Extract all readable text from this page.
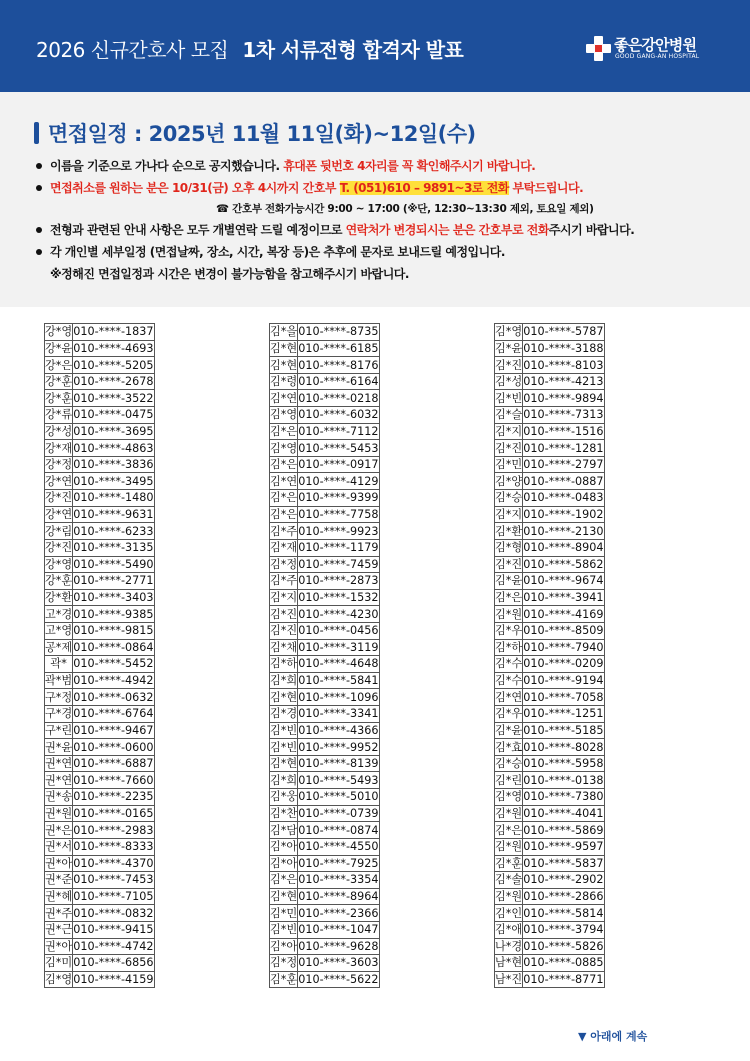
2026 신규간호사 모집 1차 서류전형 합격자 발표	좋은강안병원
GOOD GANG-AN HOSPITAL
면접일정 : 2025년 11월 11일(화)~12일(수)
이름을 기준으로 가나다 순으로 공지했습니다. 휴대폰 뒷번호 4자리를 꼭 확인해주시기 바랍니다.
면접취소를 원하는 분은 10/31(금) 오후 4시까지 간호부 T. (051)610 – 9891~3로 전화 부탁드립니다.
☎ 간호부 전화가능시간 9:00 ~ 17:00 (※단, 12:30~13:30 제외, 토요일 제외)
전형과 관련된 안내 사항은 모두 개별연락 드릴 예정이므로 연락처가 변경되시는 분은 간호부로 전화주시기 바랍니다.
각 개인별 세부일정 (면접날짜, 장소, 시간, 복장 등)은 추후에 문자로 보내드릴 예정입니다.
※정해진 면접일정과 시간은 변경이 불가능함을 참고해주시기 바랍니다.
강*영	010-****-1837
강*윤	010-****-4693
강*은	010-****-5205
강*훈	010-****-2678
강*훈	010-****-3522
강*류	010-****-0475
강*성	010-****-3695
강*재	010-****-4863
강*정	010-****-3836
강*연	010-****-3495
강*진	010-****-1480
강*연	010-****-9631
강*림	010-****-6233
강*진	010-****-3135
강*영	010-****-5490
강*훈	010-****-2771
강*환	010-****-3403
고*경	010-****-9385
고*영	010-****-9815
공*제	010-****-0864
곽*	010-****-5452
곽*범	010-****-4942
구*정	010-****-0632
구*경	010-****-6764
구*린	010-****-9467
권*윤	010-****-0600
권*연	010-****-6887
권*연	010-****-7660
권*송	010-****-2235
권*원	010-****-0165
권*은	010-****-2983
권*서	010-****-8333
권*아	010-****-4370
권*준	010-****-7453
권*혜	010-****-7105
권*주	010-****-0832
권*근	010-****-9415
권*아	010-****-4742
김*미	010-****-6856
김*영	010-****-4159
김*을	010-****-8735
김*현	010-****-6185
김*현	010-****-8176
김*령	010-****-6164
김*연	010-****-0218
김*영	010-****-6032
김*은	010-****-7112
김*영	010-****-5453
김*은	010-****-0917
김*연	010-****-4129
김*은	010-****-9399
김*은	010-****-7758
김*주	010-****-9923
김*재	010-****-1179
김*정	010-****-7459
김*주	010-****-2873
김*지	010-****-1532
김*진	010-****-4230
김*진	010-****-0456
김*채	010-****-3119
김*하	010-****-4648
김*희	010-****-5841
김*현	010-****-1096
김*경	010-****-3341
김*빈	010-****-4366
김*빈	010-****-9952
김*현	010-****-8139
김*희	010-****-5493
김*웅	010-****-5010
김*찬	010-****-0739
김*담	010-****-0874
김*아	010-****-4550
김*아	010-****-7925
김*은	010-****-3354
김*현	010-****-8964
김*민	010-****-2366
김*빈	010-****-1047
김*아	010-****-9628
김*정	010-****-3603
김*훈	010-****-5622
김*영	010-****-5787
김*윤	010-****-3188
김*진	010-****-8103
김*성	010-****-4213
김*빈	010-****-9894
김*슬	010-****-7313
김*지	010-****-1516
김*진	010-****-1281
김*민	010-****-2797
김*양	010-****-0887
김*승	010-****-0483
김*지	010-****-1902
김*환	010-****-2130
김*형	010-****-8904
김*진	010-****-5862
김*윤	010-****-9674
김*은	010-****-3941
김*원	010-****-4169
김*우	010-****-8509
김*하	010-****-7940
김*수	010-****-0209
김*수	010-****-9194
김*연	010-****-7058
김*우	010-****-1251
김*윤	010-****-5185
김*효	010-****-8028
김*승	010-****-5958
김*린	010-****-0138
김*영	010-****-7380
김*원	010-****-4041
김*은	010-****-5869
김*원	010-****-9597
김*훈	010-****-5837
김*솔	010-****-2902
김*원	010-****-2866
김*인	010-****-5814
김*애	010-****-3794
나*경	010-****-5826
남*현	010-****-0885
남*진	010-****-8771
▼ 아래에 계속
